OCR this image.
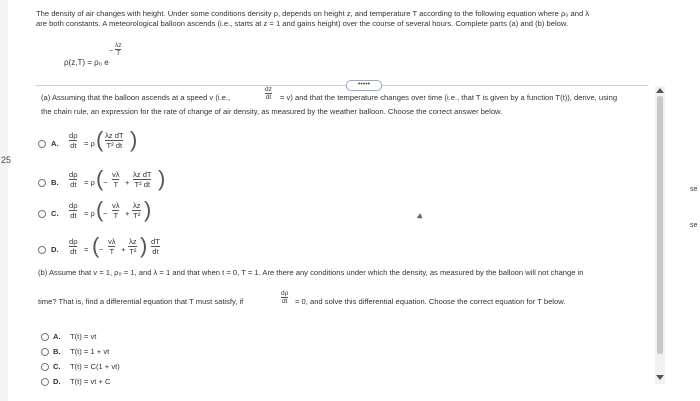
25
The density of air changes with height. Under some conditions density ρ, depends on height z, and temperature T according to the following equation where ρ₀ and λ
are both constants. A meteorological balloon ascends (i.e., starts at z = 1 and gains height) over the course of several hours. Complete parts (a) and (b) below.
ρ(z,T) = ρ₀ e
$\frac{\lambda z}{T}$
−
•••••
(a) Assuming that the balloon ascends at a speed v (i.e.,	$\frac{dz}{dt} = v$) and that the temperature changes over time (i.e., that T is given by a function T(t)), derive, using
the chain rule, an expression for the rate of change of air density, as measured by the weather balloon. Choose the correct answer below.
A. $\frac{d\rho}{dt} = \rho$ ( $\frac{\text{λz dT}}{\text{T² dt}}$ )
B. $\frac{d\rho}{dt} = \rho$ ( − $\frac{v\lambda}{T} + \frac{\text{λz dT}}{\text{T² dt}}$ )
C. $\frac{d\rho}{dt} = \rho$ ( − $\frac{v\lambda}{T} + \frac{\lambda z}{\text{T²}}$ )
D. $\frac{d\rho}{dt}$ = ( − $\frac{v\lambda}{T} + \frac{\lambda z}{\text{T²}}$ ) $\frac{dT}{dt}$
(b) Assume that v = 1, ρ₀ = 1, and λ = 1 and that when t = 0, T = 1. Are there any conditions under which the density, as measured by the balloon will not change in
time? That is, find a differential equation that T must satisfy, if	$\frac{d\rho}{dt} = 0$, and solve this differential equation. Choose the correct equation for T below.
A. T(t) = vt
B. T(t) = 1 + vt
C. T(t) = C(1 + vt)
D. T(t) = vt + C
se
se
